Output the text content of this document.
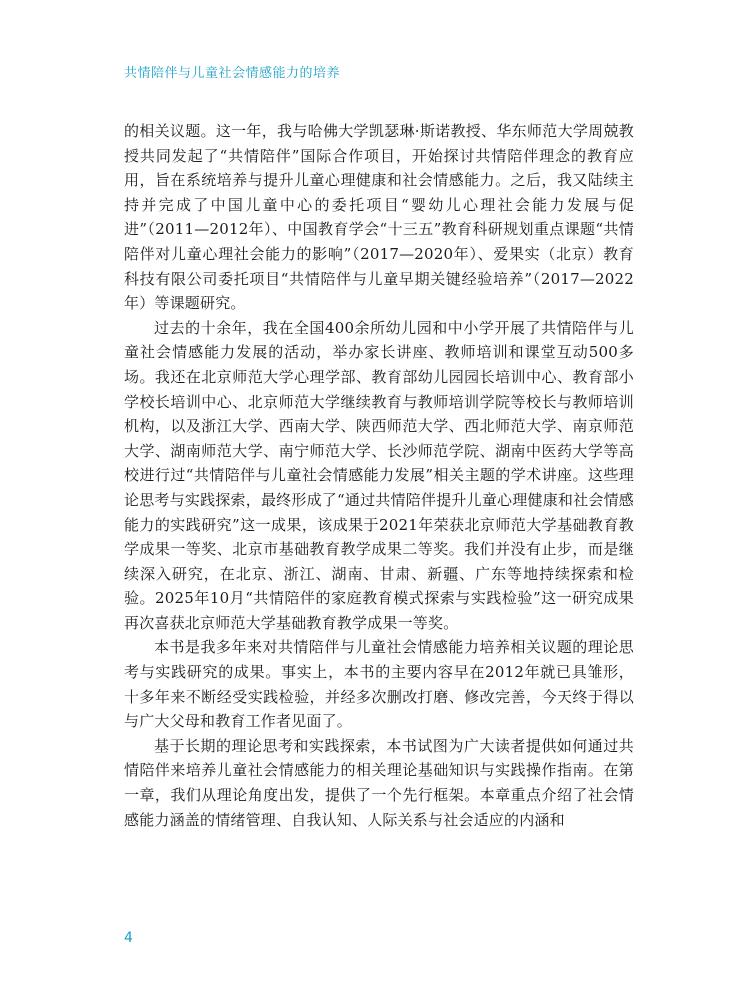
共情陪伴与儿童社会情感能力的培养

的相关议题。这一年，我与哈佛大学凯瑟琳·斯诺教授、华东师范大学周兢教授共同发起了“共情陪伴”国际合作项目，开始探讨共情陪伴理念的教育应用，旨在系统培养与提升儿童心理健康和社会情感能力。之后，我又陆续主持并完成了中国儿童中心的委托项目“婴幼儿心理社会能力发展与促进”（2011—2012年）、中国教育学会“十三五”教育科研规划重点课题“共情陪伴对儿童心理社会能力的影响”（2017—2020年）、爱果实（北京）教育科技有限公司委托项目“共情陪伴与儿童早期关键经验培养”（2017—2022年）等课题研究。

过去的十余年，我在全国400余所幼儿园和中小学开展了共情陪伴与儿童社会情感能力发展的活动，举办家长讲座、教师培训和课堂互动500多场。我还在北京师范大学心理学部、教育部幼儿园园长培训中心、教育部小学校长培训中心、北京师范大学继续教育与教师培训学院等校长与教师培训机构，以及浙江大学、西南大学、陕西师范大学、西北师范大学、南京师范大学、湖南师范大学、南宁师范大学、长沙师范学院、湖南中医药大学等高校进行过“共情陪伴与儿童社会情感能力发展”相关主题的学术讲座。这些理论思考与实践探索，最终形成了“通过共情陪伴提升儿童心理健康和社会情感能力的实践研究”这一成果，该成果于2021年荣获北京师范大学基础教育教学成果一等奖、北京市基础教育教学成果二等奖。我们并没有止步，而是继续深入研究，在北京、浙江、湖南、甘肃、新疆、广东等地持续探索和检验。2025年10月“共情陪伴的家庭教育模式探索与实践检验”这一研究成果再次喜获北京师范大学基础教育教学成果一等奖。

本书是我多年来对共情陪伴与儿童社会情感能力培养相关议题的理论思考与实践研究的成果。事实上，本书的主要内容早在2012年就已具雏形，十多年来不断经受实践检验，并经多次删改打磨、修改完善，今天终于得以与广大父母和教育工作者见面了。

基于长期的理论思考和实践探索，本书试图为广大读者提供如何通过共情陪伴来培养儿童社会情感能力的相关理论基础知识与实践操作指南。在第一章，我们从理论角度出发，提供了一个先行框架。本章重点介绍了社会情感能力涵盖的情绪管理、自我认知、人际关系与社会适应的内涵和

4
